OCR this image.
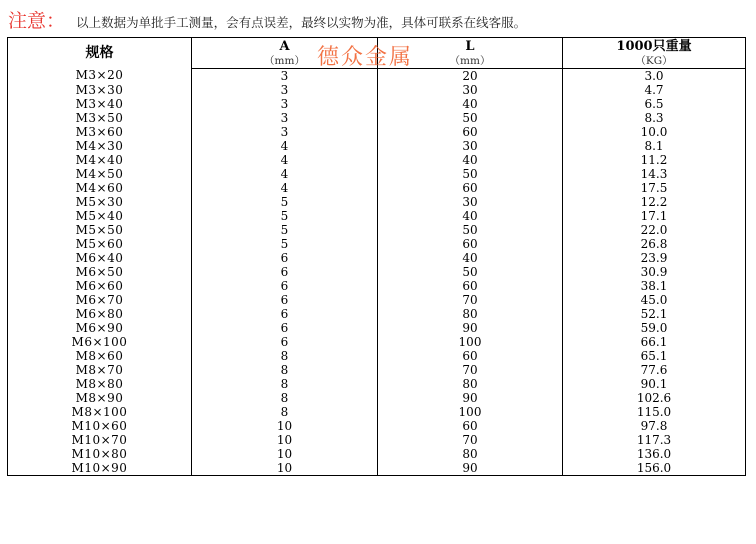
注意： 以上数据为单批手工测量，会有点误差，最终以实物为准，具体可联系在线客服。
规格	A	L	1000只重量
	（mm）	（mm）	（KG）
M3×20	3	20	3.0
M3×30	3	30	4.7
M3×40	3	40	6.5
M3×50	3	50	8.3
M3×60	3	60	10.0
M4×30	4	30	8.1
M4×40	4	40	11.2
M4×50	4	50	14.3
M4×60	4	60	17.5
M5×30	5	30	12.2
M5×40	5	40	17.1
M5×50	5	50	22.0
M5×60	5	60	26.8
M6×40	6	40	23.9
M6×50	6	50	30.9
M6×60	6	60	38.1
M6×70	6	70	45.0
M6×80	6	80	52.1
M6×90	6	90	59.0
M6×100	6	100	66.1
M8×60	8	60	65.1
M8×70	8	70	77.6
M8×80	8	80	90.1
M8×90	8	90	102.6
M8×100	8	100	115.0
M10×60	10	60	97.8
M10×70	10	70	117.3
M10×80	10	80	136.0
M10×90	10	90	156.0
德众金属
